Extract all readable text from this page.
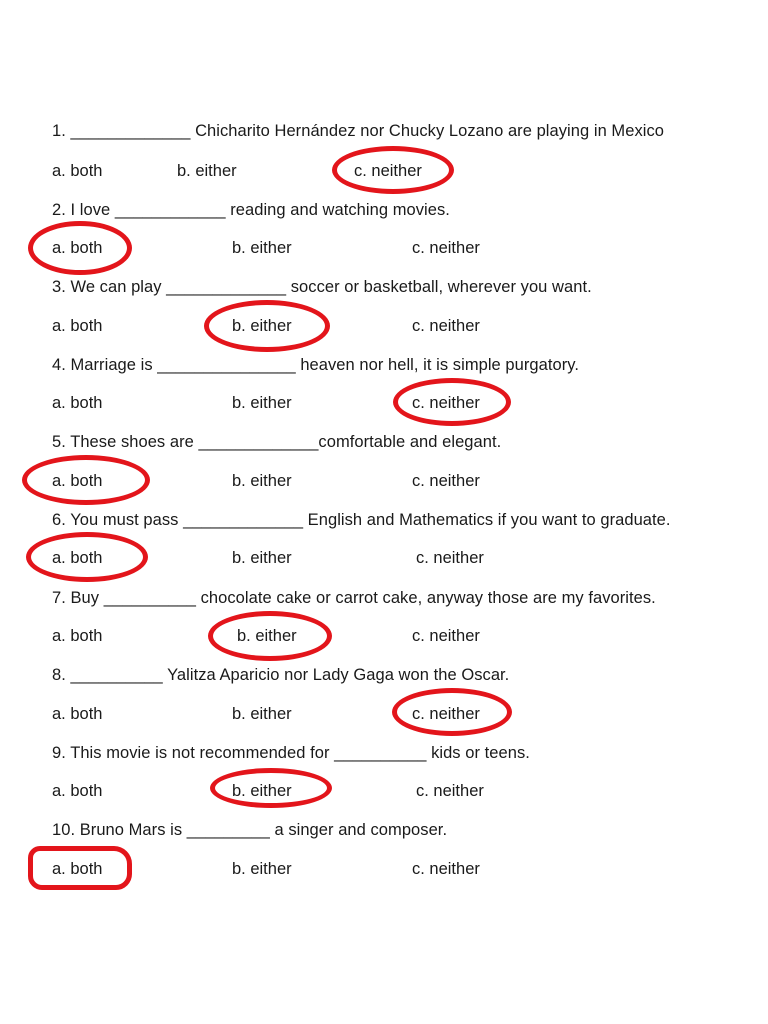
1. _____________ Chicharito Hernández nor Chucky Lozano are playing in Mexico
a. both	b. either	c. neither
2. I love ____________ reading and watching movies.
a. both	b. either	c. neither
3. We can play _____________ soccer or basketball, wherever you want.
a. both	b. either	c. neither
4. Marriage is _______________ heaven nor hell, it is simple purgatory.
a. both	b. either	c. neither
5. These shoes are _____________comfortable and elegant.
a. both	b. either	c. neither
6. You must pass _____________ English and Mathematics if you want to graduate.
a. both	b. either	c. neither
7. Buy __________ chocolate cake or carrot cake, anyway those are my favorites.
a. both	b. either	c. neither
8. __________ Yalitza Aparicio nor Lady Gaga won the Oscar.
a. both	b. either	c. neither
9. This movie is not recommended for __________ kids or teens.
a. both	b. either	c. neither
10. Bruno Mars is _________ a singer and composer.
a. both	b. either	c. neither
